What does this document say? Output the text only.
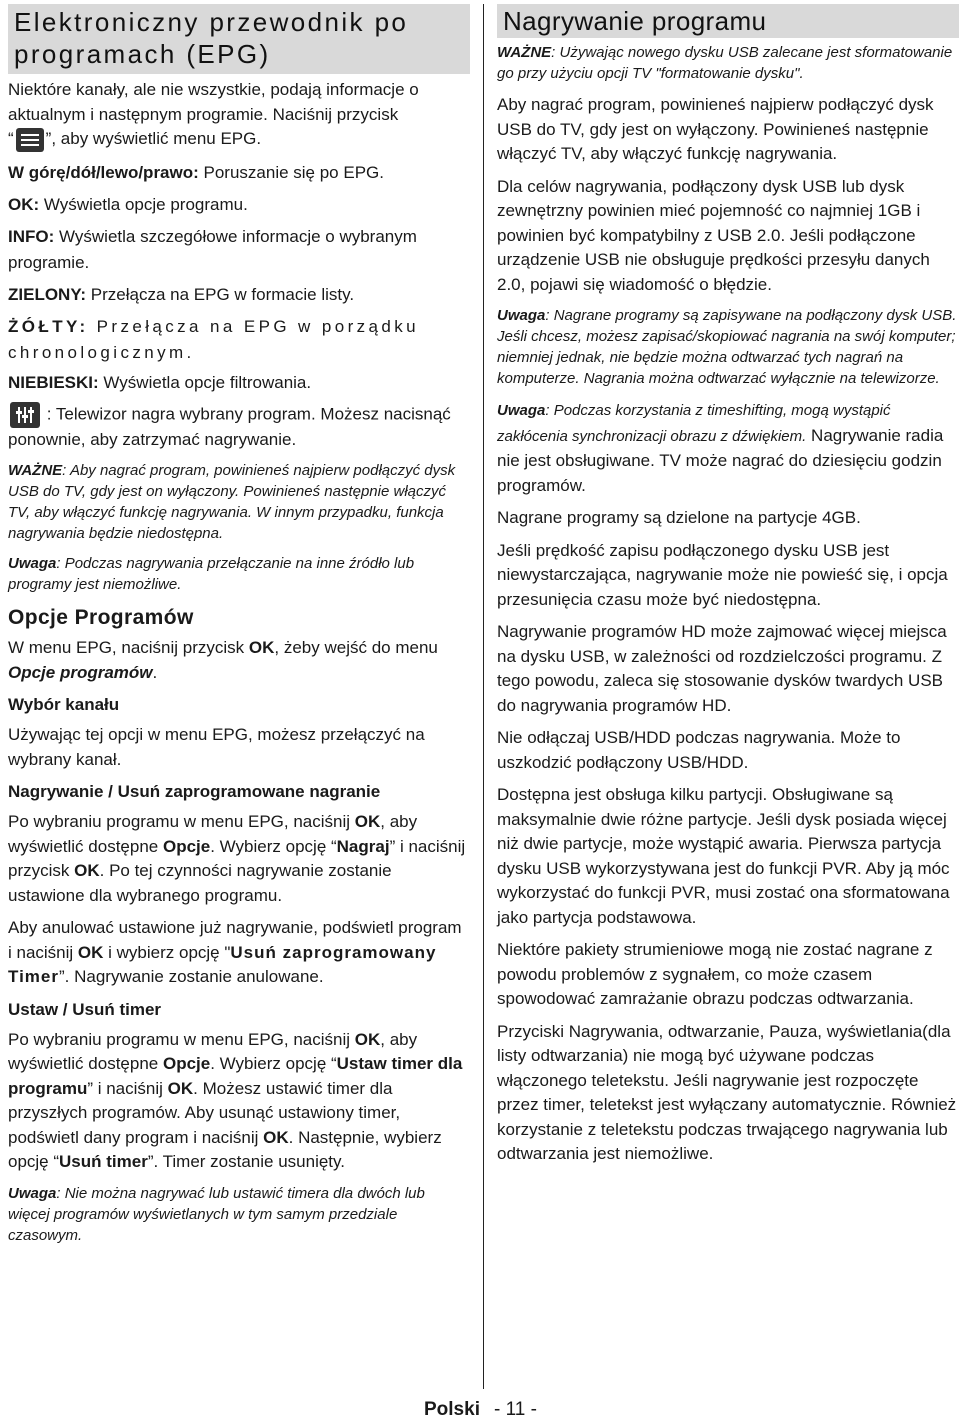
Elektroniczny przewodnik po programach (EPG)

Niektóre kanały, ale nie wszystkie, podają informacje o aktualnym i następnym programie. Naciśnij przycisk
“ ”, aby wyświetlić menu EPG.

W górę/dół/lewo/prawo: Poruszanie się po EPG.

OK: Wyświetla opcje programu.

INFO: Wyświetla szczegółowe informacje o wybranym programie.

ZIELONY: Przełącza na EPG w formacie listy.

ŻÓŁTY: Przełącza na EPG w porządku chronologicznym.

NIEBIESKI: Wyświetla opcje filtrowania.

: Telewizor nagra wybrany program. Możesz nacisnąć ponownie, aby zatrzymać nagrywanie.

WAŻNE: Aby nagrać program, powinieneś najpierw podłączyć dysk USB do TV, gdy jest on wyłączony. Powinieneś następnie włączyć TV, aby włączyć funkcję nagrywania. W innym przypadku, funkcja nagrywania będzie niedostępna.

Uwaga: Podczas nagrywania przełączanie na inne źródło lub programy jest niemożliwe.

Opcje Programów

W menu EPG, naciśnij przycisk OK, żeby wejść do menu Opcje programów.

Wybór kanału

Używając tej opcji w menu EPG, możesz przełączyć na wybrany kanał.

Nagrywanie / Usuń zaprogramowane nagranie

Po wybraniu programu w menu EPG, naciśnij OK, aby wyświetlić dostępne Opcje. Wybierz opcję “Nagraj” i naciśnij przycisk OK. Po tej czynności nagrywanie zostanie ustawione dla wybranego programu.

Aby anulować ustawione już nagrywanie, podświetl program i naciśnij OK i wybierz opcję "Usuń zaprogramowany Timer”. Nagrywanie zostanie anulowane.

Ustaw / Usuń timer

Po wybraniu programu w menu EPG, naciśnij OK, aby wyświetlić dostępne Opcje. Wybierz opcję “Ustaw timer dla programu” i naciśnij OK. Możesz ustawić timer dla przyszłych programów. Aby usunąć ustawiony timer, podświetl dany program i naciśnij OK. Następnie, wybierz opcję “Usuń timer”. Timer zostanie usunięty.

Uwaga: Nie można nagrywać lub ustawić timera dla dwóch lub więcej programów wyświetlanych w tym samym przedziale czasowym.

Nagrywanie programu

WAŻNE: Używając nowego dysku USB zalecane jest sformatowanie go przy użyciu opcji TV "formatowanie dysku".

Aby nagrać program, powinieneś najpierw podłączyć dysk USB do TV, gdy jest on wyłączony. Powinieneś następnie włączyć TV, aby włączyć funkcję nagrywania.

Dla celów nagrywania, podłączony dysk USB lub dysk zewnętrzny powinien mieć pojemność co najmniej 1GB i powinien być kompatybilny z USB 2.0. Jeśli podłączone urządzenie USB nie obsługuje prędkości przesyłu danych 2.0, pojawi się wiadomość o błędzie.

Uwaga: Nagrane programy są zapisywane na podłączony dysk USB. Jeśli chcesz, możesz zapisać/skopiować nagrania na swój komputer; niemniej jednak, nie będzie można odtwarzać tych nagrań na komputerze. Nagrania można odtwarzać wyłącznie na telewizorze.

Uwaga: Podczas korzystania z timeshifting, mogą wystąpić zakłócenia synchronizacji obrazu z dźwiękiem. Nagrywanie radia nie jest obsługiwane. TV może nagrać do dziesięciu godzin programów.

Nagrane programy są dzielone na partycje 4GB.

Jeśli prędkość zapisu podłączonego dysku USB jest niewystarczająca, nagrywanie może nie powieść się, i opcja przesunięcia czasu może być niedostępna.

Nagrywanie programów HD może zajmować więcej miejsca na dysku USB, w zależności od rozdzielczości programu. Z tego powodu, zaleca się stosowanie dysków twardych USB do nagrywania programów HD.

Nie odłączaj USB/HDD podczas nagrywania. Może to uszkodzić podłączony USB/HDD.

Dostępna jest obsługa kilku partycji. Obsługiwane są maksymalnie dwie różne partycje. Jeśli dysk posiada więcej niż dwie partycje, może wystąpić awaria. Pierwsza partycja dysku USB wykorzystywana jest do funkcji PVR. Aby ją móc wykorzystać do funkcji PVR, musi zostać ona sformatowana jako partycja podstawowa.

Niektóre pakiety strumieniowe mogą nie zostać nagrane z powodu problemów z sygnałem, co może czasem spowodować zamrażanie obrazu podczas odtwarzania.

Przyciski Nagrywania, odtwarzanie, Pauza, wyświetlania(dla listy odtwarzania) nie mogą być używane podczas włączonego teletekstu. Jeśli nagrywanie jest rozpoczęte przez timer, teletekst jest wyłączany automatycznie. Również korzystanie z teletekstu podczas trwającego nagrywania lub odtwarzania jest niemożliwe.

Polski - 11 -
